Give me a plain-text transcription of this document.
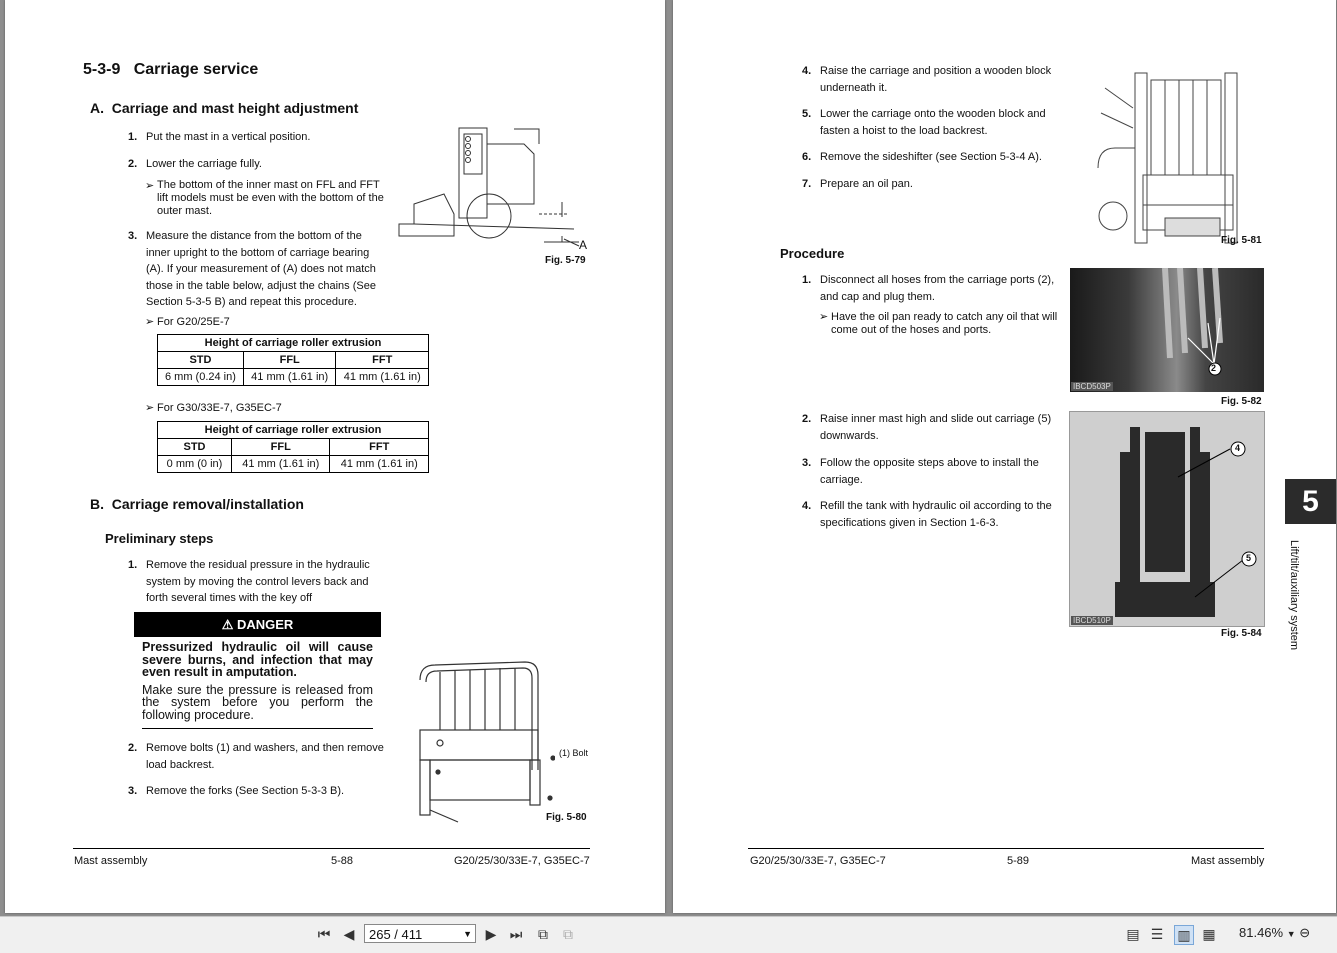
5-3-9 Carriage service
A. Carriage and mast height adjustment
1. Put the mast in a vertical position.
2. Lower the carriage fully.
➢ The bottom of the inner mast on FFL and FFT lift models must be even with the bottom of the outer mast.
3. Measure the distance from the bottom of the inner upright to the bottom of carriage bearing (A). If your measurement of (A) does not match those in the table below, adjust the chains (See Section 5-3-5 B) and repeat this procedure.
A
Fig. 5-79
➢ For G20/25E-7
Height of carriage roller extrusion		
STD	FFL	FFT
6 mm (0.24 in)	41 mm (1.61 in)	41 mm (1.61 in)
➢ For G30/33E-7, G35EC-7
Height of carriage roller extrusion		
STD	FFL	FFT
0 mm (0 in)	41 mm (1.61 in)	41 mm (1.61 in)
B. Carriage removal/installation
Preliminary steps
1. Remove the residual pressure in the hydraulic system by moving the control levers back and forth several times with the key off
⚠ DANGER
Pressurized hydraulic oil will cause severe burns, and infection that may even result in amputation.
Make sure the pressure is released from the system before you perform the following procedure.
2. Remove bolts (1) and washers, and then remove load backrest.
3. Remove the forks (See Section 5-3-3 B).
(1) Bolt
Fig. 5-80
Mast assembly	5-88	G20/25/30/33E-7, G35EC-7
4. Raise the carriage and position a wooden block underneath it.
5. Lower the carriage onto the wooden block and fasten a hoist to the load backrest.
6. Remove the sideshifter (see Section 5-3-4 A).
7. Prepare an oil pan.
Fig. 5-81
Procedure
1. Disconnect all hoses from the carriage ports (2), and cap and plug them.
➢ Have the oil pan ready to catch any oil that will come out of the hoses and ports.
2
IBCD503P
Fig. 5-82
2. Raise inner mast high and slide out carriage (5) downwards.
3. Follow the opposite steps above to install the carriage.
4. Refill the tank with hydraulic oil according to the specifications given in Section 1-6-3.
4
5
IBCD510P
Fig. 5-84
5
Lift/tilt/auxiliary system
G20/25/30/33E-7, G35EC-7	5-89	Mast assembly
⏮ ◀	265 / 411	▼ ▶ ⏭ ⧉ ⧉	▤ ☰ ▥ ▦ 81.46% ▼ ⊖
